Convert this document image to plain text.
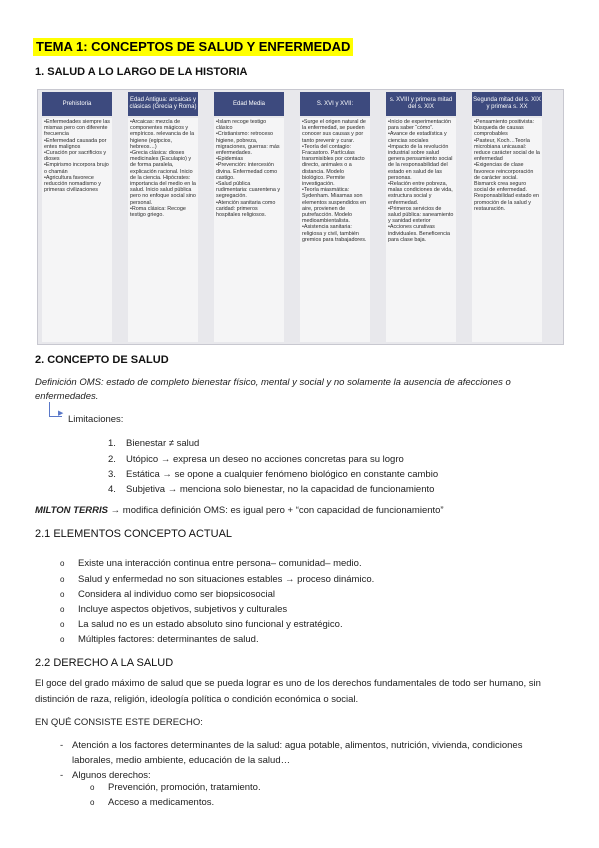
TEMA 1: CONCEPTOS DE SALUD Y ENFERMEDAD
1. SALUD A LO LARGO DE LA HISTORIA
Prehistoria
•Enfermedades siempre las mismas pero con diferente frecuencia
•Enfermedad causada por entes malignos
•Curación por sacrificios y dioses
•Empirismo incorpora brujo o chamán
•Agricultura favorece reducción nomadismo y primeras civilizaciones
Edad Antigua: arcaicas y clásicas (Grecia y Roma)
•Arcaicas: mezcla de componentes mágicos y empíricos. relevancia de la higiene (egipcios, hebreos…)
•Grecia clásica: dioses medicinales (Esculapio) y de forma paralela, explicación racional. Inicio de la ciencia. Hipócrates: importancia del medio en la salud. Inicio salud pública pero no enfoque social sino personal.
•Roma clásica: Recoge testigo griego.
Edad Media
•Islam recoge testigo clásico
•Cristianismo: retroceso higiene, pobreza, migraciones, guerras: más enfermedades.
•Epidemias
•Prevención: intercesión divina. Enfermedad como castigo.
•Salud pública rudimentaria: cuarentena y segregación.
•Atención sanitaria como caridad: primeros hospitales religiosos.
S. XVI y XVII:
•Surge el origen natural de la enfermedad, se pueden conocer sus causas y por tanto prevenir y curar.
•Teoría del contagio: Fracastoro. Partículas transmisibles por contacto directo, animales o a distancia. Modelo biológico. Permite investigación.
•Teoría miasmática: Sydenham. Miasmas son elementos suspendidos en aire, provienen de putrefacción. Modelo medioambientalista.
•Asistencia sanitaria: religiosa y civil, también gremios para trabajadores.
s. XVIII y primera mitad del s. XIX
•Inicio de experimentación para saber “cómo”.
•Avance de estadística y ciencias sociales
•Impacto de la revolución industrial sobre salud genera pensamiento social de la responsabilidad del estado en salud de las personas.
•Relación entre pobreza, malas condiciones de vida, estructura social y enfermedad.
•Primeros servicios de salud pública: saneamiento y sanidad exterior
•Acciones curativas individuales. Beneficencia para clase baja.
Segunda mitad del s. XIX y primera s. XX
•Pensamiento positivista: búsqueda de causas comprobables
•Pasteur, Koch…Teoría microbiana unicausal: reduce carácter social de la enfermedad
•Exigencias de clase favorece reincorporación de carácter social. Bismarck crea seguro social de enfermedad. Responsabilidad estado en promoción de la salud y restauración.
2. CONCEPTO DE SALUD
Definición OMS: estado de completo bienestar físico, mental y social y no solamente la ausencia de afecciones o enfermedades.
▶
Limitaciones:
1. Bienestar ≠ salud
2. Utópico → expresa un deseo no acciones concretas para su logro
3. Estática → se opone a cualquier fenómeno biológico en constante cambio
4. Subjetiva → menciona solo bienestar, no la capacidad de funcionamiento
MILTON TERRIS → modifica definición OMS: es igual pero + “con capacidad de funcionamiento”
2.1 ELEMENTOS CONCEPTO ACTUAL
o Existe una interacción continua entre persona– comunidad– medio.
o Salud y enfermedad no son situaciones estables → proceso dinámico.
o Considera al individuo como ser biopsicosocial
o Incluye aspectos objetivos, subjetivos y culturales
o La salud no es un estado absoluto sino funcional y estratégico.
o Múltiples factores: determinantes de salud.
2.2 DERECHO A LA SALUD
El goce del grado máximo de salud que se pueda lograr es uno de los derechos fundamentales de todo ser humano, sin distinción de raza, religión, ideología política o condición económica o social.
EN QUÉ CONSISTE ESTE DERECHO:
- Atención a los factores determinantes de la salud: agua potable, alimentos, nutrición, vivienda, condiciones laborales, medio ambiente, educación de la salud…
- Algunos derechos:
o Prevención, promoción, tratamiento.
o Acceso a medicamentos.
